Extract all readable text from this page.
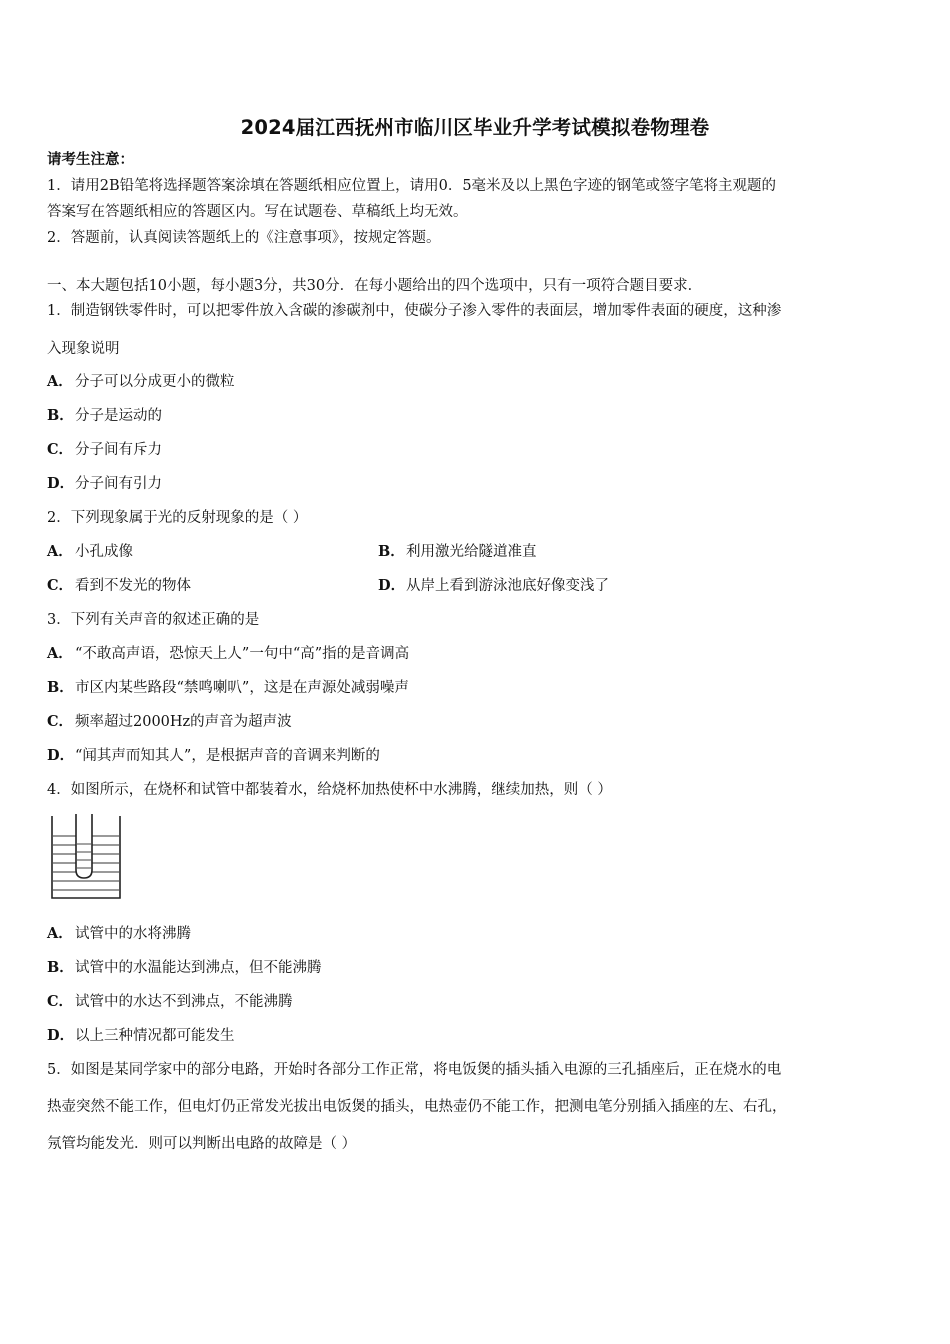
2024届江西抚州市临川区毕业升学考试模拟卷物理卷
请考生注意：
1．请用2B铅笔将选择题答案涂填在答题纸相应位置上，请用0．5毫米及以上黑色字迹的钢笔或签字笔将主观题的
答案写在答题纸相应的答题区内。写在试题卷、草稿纸上均无效。
2．答题前，认真阅读答题纸上的《注意事项》，按规定答题。
一、本大题包括10小题，每小题3分，共30分．在每小题给出的四个选项中，只有一项符合题目要求．
1．制造钢铁零件时，可以把零件放入含碳的渗碳剂中，使碳分子渗入零件的表面层，增加零件表面的硬度，这种渗
入现象说明
A． 分子可以分成更小的微粒
B．分子是运动的
C． 分子间有斥力
D．分子间有引力
2．下列现象属于光的反射现象的是（ ）
A． 小孔成像	B．利用激光给隧道准直
C． 看到不发光的物体	D．从岸上看到游泳池底好像变浅了
3．下列有关声音的叙述正确的是
A． “不敢高声语，恐惊天上人”一句中“高”指的是音调高
B．市区内某些路段“禁鸣喇叭”，这是在声源处减弱噪声
C． 频率超过2000Hz的声音为超声波
D．“闻其声而知其人”，是根据声音的音调来判断的
4．如图所示，在烧杯和试管中都装着水，给烧杯加热使杯中水沸腾，继续加热，则（ ）
A． 试管中的水将沸腾
B．试管中的水温能达到沸点，但不能沸腾
C． 试管中的水达不到沸点，不能沸腾
D．以上三种情况都可能发生
5．如图是某同学家中的部分电路，开始时各部分工作正常，将电饭煲的插头插入电源的三孔插座后，正在烧水的电
热壶突然不能工作，但电灯仍正常发光拔出电饭煲的插头，电热壶仍不能工作，把测电笔分别插入插座的左、右孔，
氖管均能发光．则可以判断出电路的故障是（ ）
